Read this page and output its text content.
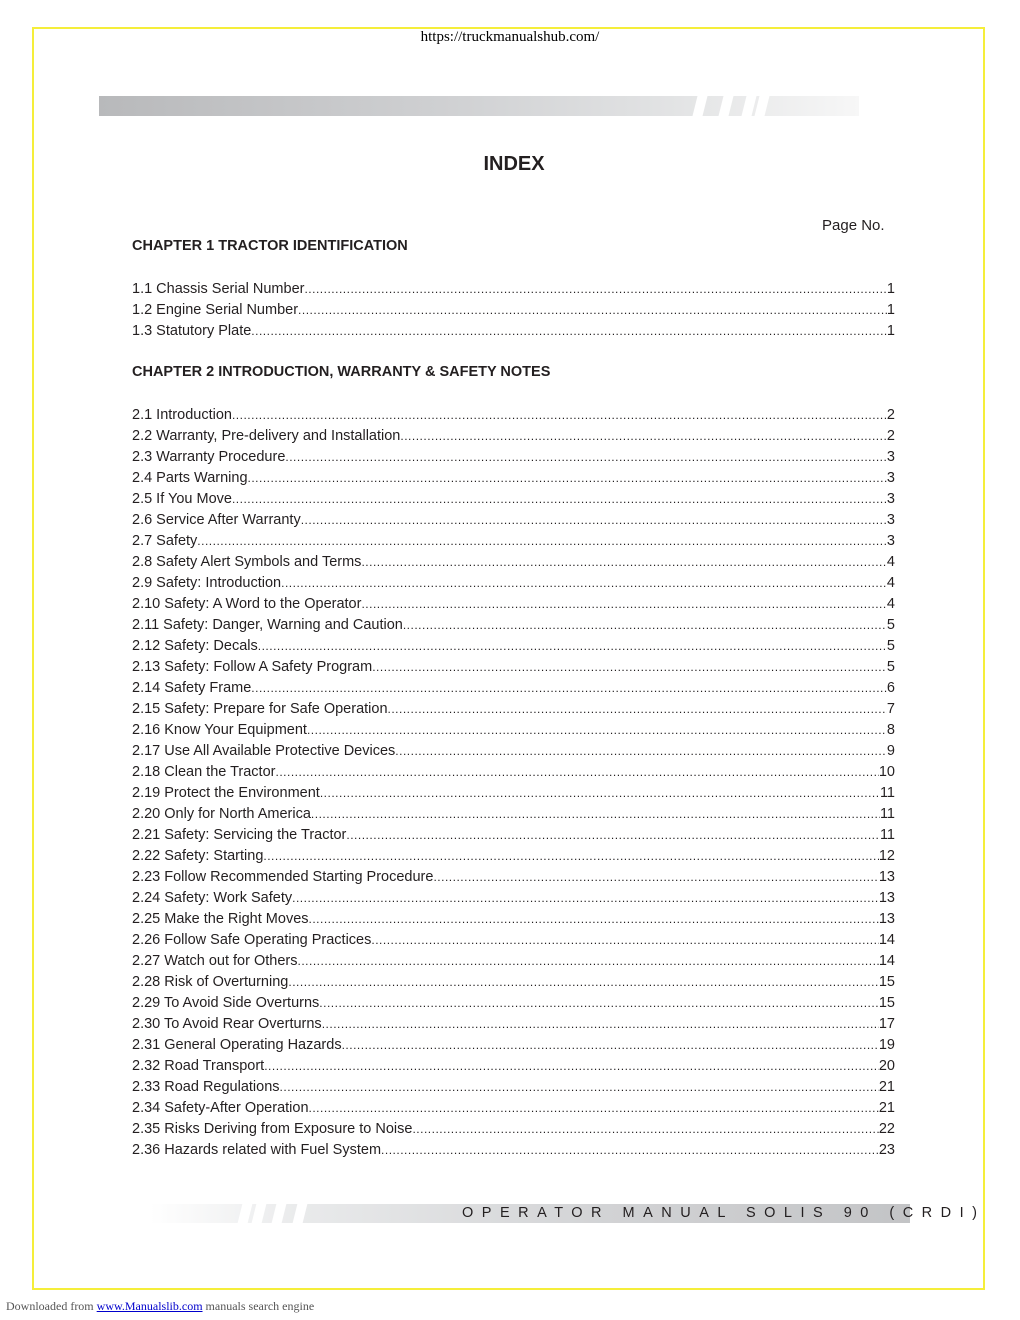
https://truckmanualshub.com/
INDEX
Page No.
CHAPTER 1 TRACTOR IDENTIFICATION
1.1 Chassis Serial Number .....	1
1.2 Engine Serial Number .....	1
1.3 Statutory Plate .....	1
CHAPTER 2 INTRODUCTION, WARRANTY & SAFETY NOTES
2.1 Introduction .....	2
2.2 Warranty, Pre-delivery and Installation .....	2
2.3 Warranty Procedure .....	3
2.4 Parts Warning .....	3
2.5 If You Move .....	3
2.6 Service After Warranty .....	3
2.7 Safety .....	3
2.8 Safety Alert Symbols and Terms .....	4
2.9 Safety: Introduction .....	4
2.10 Safety: A Word to the Operator .....	4
2.11 Safety: Danger, Warning and Caution .....	5
2.12 Safety: Decals .....	5
2.13 Safety: Follow A Safety Program .....	5
2.14 Safety Frame .....	6
2.15 Safety: Prepare for Safe Operation .....	7
2.16 Know Your Equipment .....	8
2.17 Use All Available Protective Devices .....	9
2.18 Clean the Tractor .....	10
2.19 Protect the Environment .....	11
2.20 Only for North America .....	11
2.21 Safety: Servicing the Tractor .....	11
2.22 Safety: Starting .....	12
2.23 Follow Recommended Starting Procedure .....	13
2.24 Safety: Work Safety .....	13
2.25 Make the Right Moves .....	13
2.26 Follow Safe Operating Practices .....	14
2.27 Watch out for Others .....	14
2.28 Risk of Overturning .....	15
2.29 To Avoid Side Overturns .....	15
2.30 To Avoid Rear Overturns .....	17
2.31 General Operating Hazards .....	19
2.32 Road Transport .....	20
2.33 Road Regulations .....	21
2.34 Safety-After Operation .....	21
2.35 Risks Deriving from Exposure to Noise .....	22
2.36 Hazards related with Fuel System .....	23
OPERATOR MANUAL SOLIS 90 (CRDI)
Downloaded from www.Manualslib.com manuals search engine
